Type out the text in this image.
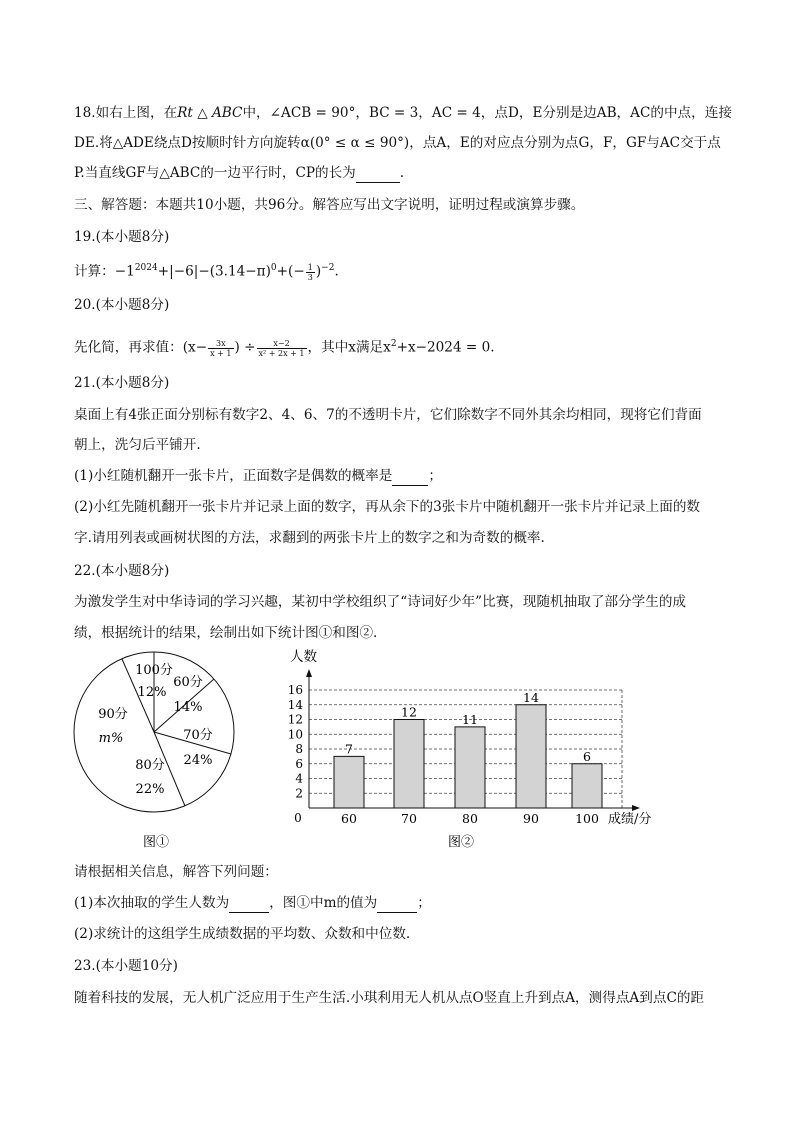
18.如右上图，在Rt △ ABC中，∠ACB = 90°，BC = 3，AC = 4，点D，E分别是边AB，AC的中点，连接
DE.将△ADE绕点D按顺时针方向旋转α(0° ≤ α ≤ 90°)，点A，E的对应点分别为点G，F，GF与AC交于点
P.当直线GF与△ABC的一边平行时，CP的长为	.
三、解答题：本题共10小题，共96分。解答应写出文字说明，证明过程或演算步骤。
19.(本小题8分)
计算：$-1^{2024}+|-6|-(3.14-\pi)^0+(- \frac{1}{3} )^{-2}$.
20.(本小题8分)
先化简，再求值：($x- \frac{3x}{x + 1}$ ) ÷ $\frac{x-2}{\text{x² + 2x + 1}}$ ，其中x满足$x^2+x-2024 = 0$.
21.(本小题8分)
桌面上有4张正面分别标有数字2、4、6、7的不透明卡片，它们除数字不同外其余均相同，现将它们背面
朝上，洗匀后平铺开.
(1)小红随机翻开一张卡片，正面数字是偶数的概率是	；
(2)小红先随机翻开一张卡片并记录上面的数字，再从余下的3张卡片中随机翻开一张卡片并记录上面的数
字.请用列表或画树状图的方法，求翻到的两张卡片上的数字之和为奇数的概率.
22.(本小题8分)
为激发学生对中华诗词的学习兴趣，某初中学校组织了“诗词好少年”比赛，现随机抽取了部分学生的成
绩，根据统计的结果，绘制出如下统计图①和图②.
100分
12%
60分
14%
70分
24%
80分
22%
90分
m%
图①
7
12	11
14
6
2
4
6
8
10
12
14
16
60	70	80	90	100
人数
成绩/分
0
图②
请根据相关信息，解答下列问题：
(1)本次抽取的学生人数为	，图①中m的值为	；
(2)求统计的这组学生成绩数据的平均数、众数和中位数.
23.(本小题10分)
随着科技的发展，无人机广泛应用于生产生活.小琪利用无人机从点O竖直上升到点A，测得点A到点C的距
